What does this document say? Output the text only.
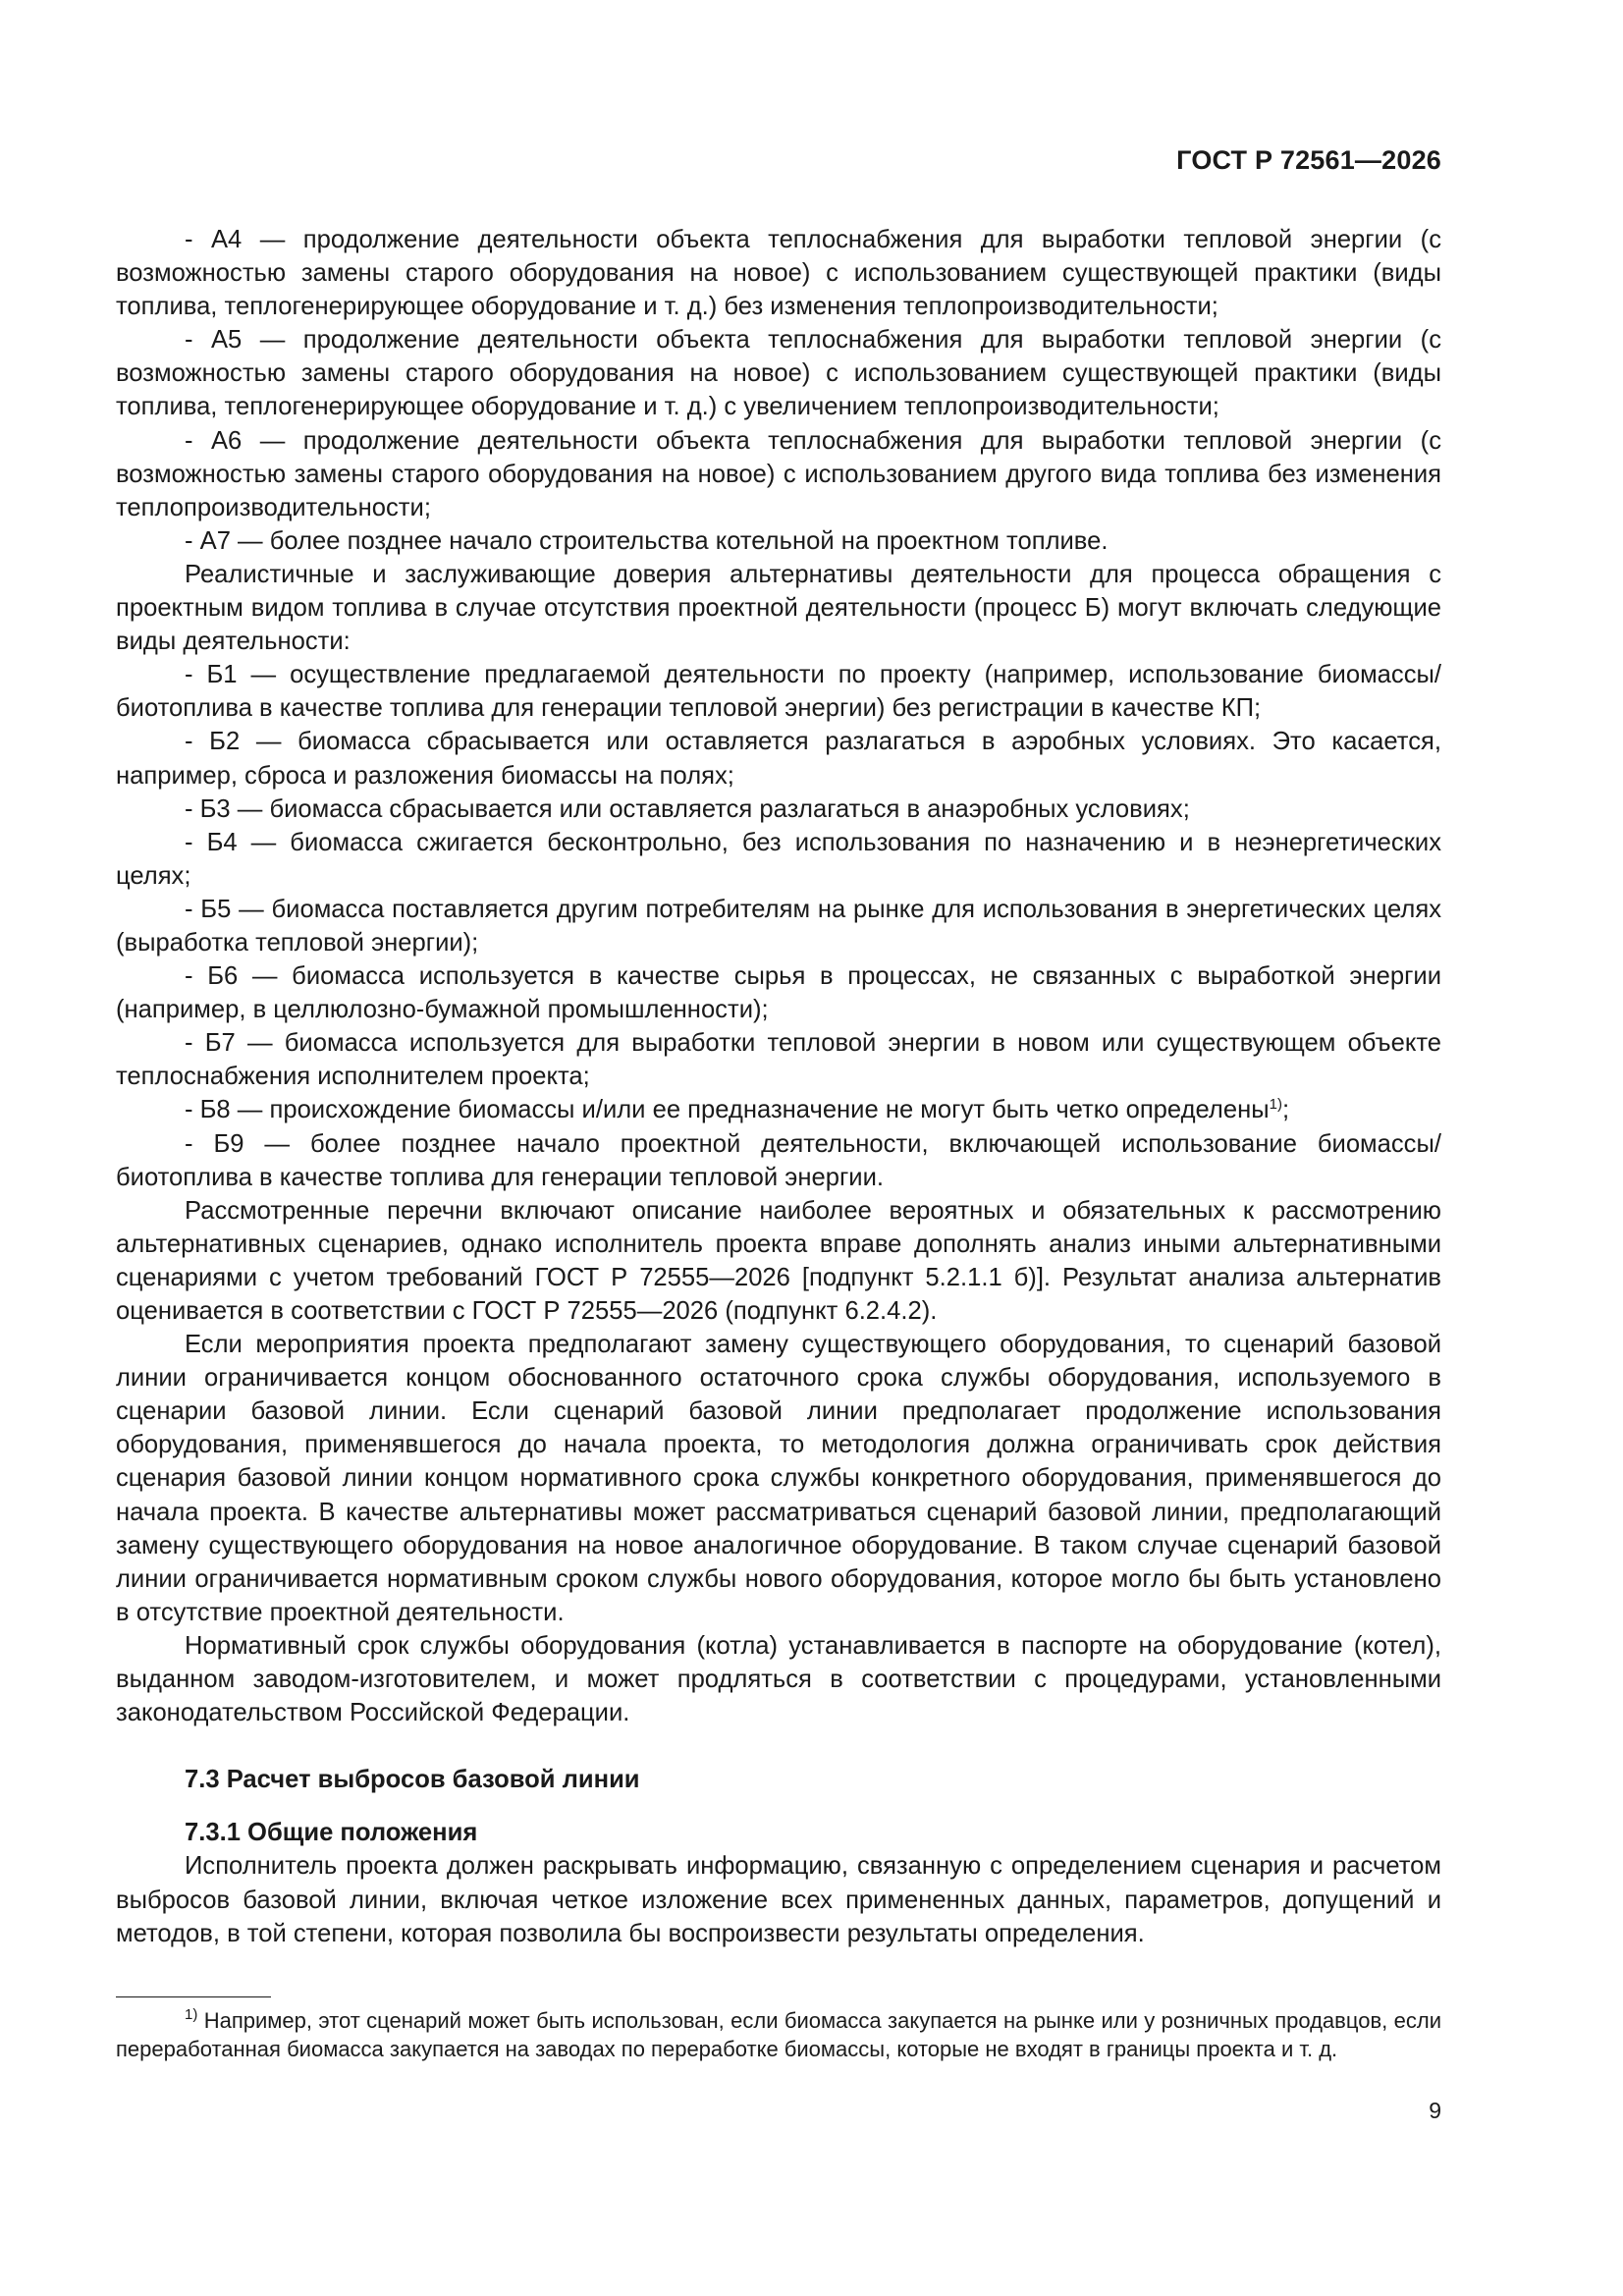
ГОСТ Р 72561—2026

- А4 — продолжение деятельности объекта теплоснабжения для выработки тепловой энергии (с возможностью замены старого оборудования на новое) с использованием существующей практики (виды топлива, теплогенерирующее оборудование и т. д.) без изменения теплопроизводительности;

- А5 — продолжение деятельности объекта теплоснабжения для выработки тепловой энергии (с возможностью замены старого оборудования на новое) с использованием существующей практики (виды топлива, теплогенерирующее оборудование и т. д.) с увеличением теплопроизводительности;

- А6 — продолжение деятельности объекта теплоснабжения для выработки тепловой энергии (с возможностью замены старого оборудования на новое) с использованием другого вида топлива без изменения теплопроизводительности;

- А7 — более позднее начало строительства котельной на проектном топливе.

Реалистичные и заслуживающие доверия альтернативы деятельности для процесса обращения с проектным видом топлива в случае отсутствия проектной деятельности (процесс Б) могут включать следующие виды деятельности:

- Б1 — осуществление предлагаемой деятельности по проекту (например, использование биомассы/ биотоплива в качестве топлива для генерации тепловой энергии) без регистрации в качестве КП;

- Б2 — биомасса сбрасывается или оставляется разлагаться в аэробных условиях. Это касается, например, сброса и разложения биомассы на полях;

- Б3 — биомасса сбрасывается или оставляется разлагаться в анаэробных условиях;

- Б4 — биомасса сжигается бесконтрольно, без использования по назначению и в неэнергетических целях;

- Б5 — биомасса поставляется другим потребителям на рынке для использования в энергетических целях (выработка тепловой энергии);

- Б6 — биомасса используется в качестве сырья в процессах, не связанных с выработкой энергии (например, в целлюлозно-бумажной промышленности);

- Б7 — биомасса используется для выработки тепловой энергии в новом или существующем объекте теплоснабжения исполнителем проекта;

- Б8 — происхождение биомассы и/или ее предназначение не могут быть четко определены$^{1)}$;

- Б9 — более позднее начало проектной деятельности, включающей использование биомассы/ биотоплива в качестве топлива для генерации тепловой энергии.

Рассмотренные перечни включают описание наиболее вероятных и обязательных к рассмотрению альтернативных сценариев, однако исполнитель проекта вправе дополнять анализ иными альтернативными сценариями с учетом требований ГОСТ Р 72555—2026 [подпункт 5.2.1.1 б)]. Результат анализа альтернатив оценивается в соответствии с ГОСТ Р 72555—2026 (подпункт 6.2.4.2).

Если мероприятия проекта предполагают замену существующего оборудования, то сценарий базовой линии ограничивается концом обоснованного остаточного срока службы оборудования, используемого в сценарии базовой линии. Если сценарий базовой линии предполагает продолжение использования оборудования, применявшегося до начала проекта, то методология должна ограничивать срок действия сценария базовой линии концом нормативного срока службы конкретного оборудования, применявшегося до начала проекта. В качестве альтернативы может рассматриваться сценарий базовой линии, предполагающий замену существующего оборудования на новое аналогичное оборудование. В таком случае сценарий базовой линии ограничивается нормативным сроком службы нового оборудования, которое могло бы быть установлено в отсутствие проектной деятельности.

Нормативный срок службы оборудования (котла) устанавливается в паспорте на оборудование (котел), выданном заводом-изготовителем, и может продляться в соответствии с процедурами, установленными законодательством Российской Федерации.

7.3 Расчет выбросов базовой линии
7.3.1 Общие положения

Исполнитель проекта должен раскрывать информацию, связанную с определением сценария и расчетом выбросов базовой линии, включая четкое изложение всех примененных данных, параметров, допущений и методов, в той степени, которая позволила бы воспроизвести результаты определения.

$^{1)}$ Например, этот сценарий может быть использован, если биомасса закупается на рынке или у розничных продавцов, если переработанная биомасса закупается на заводах по переработке биомассы, которые не входят в границы проекта и т. д.

9
